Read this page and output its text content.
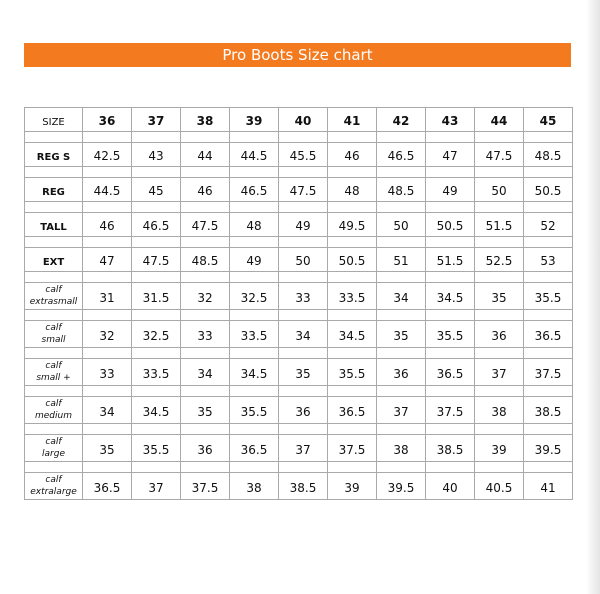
Pro Boots Size chart
SIZE	36	37	38	39	40	41	42	43	44	45

REG S	42.5	43	44	44.5	45.5	46	46.5	47	47.5	48.5

REG	44.5	45	46	46.5	47.5	48	48.5	49	50	50.5

TALL	46	46.5	47.5	48	49	49.5	50	50.5	51.5	52

EXT	47	47.5	48.5	49	50	50.5	51	51.5	52.5	53

calf
extrasmall	31	31.5	32	32.5	33	33.5	34	34.5	35	35.5

calf
small	32	32.5	33	33.5	34	34.5	35	35.5	36	36.5

calf
small +	33	33.5	34	34.5	35	35.5	36	36.5	37	37.5

calf
medium	34	34.5	35	35.5	36	36.5	37	37.5	38	38.5

calf
large	35	35.5	36	36.5	37	37.5	38	38.5	39	39.5

calf
extralarge	36.5	37	37.5	38	38.5	39	39.5	40	40.5	41
